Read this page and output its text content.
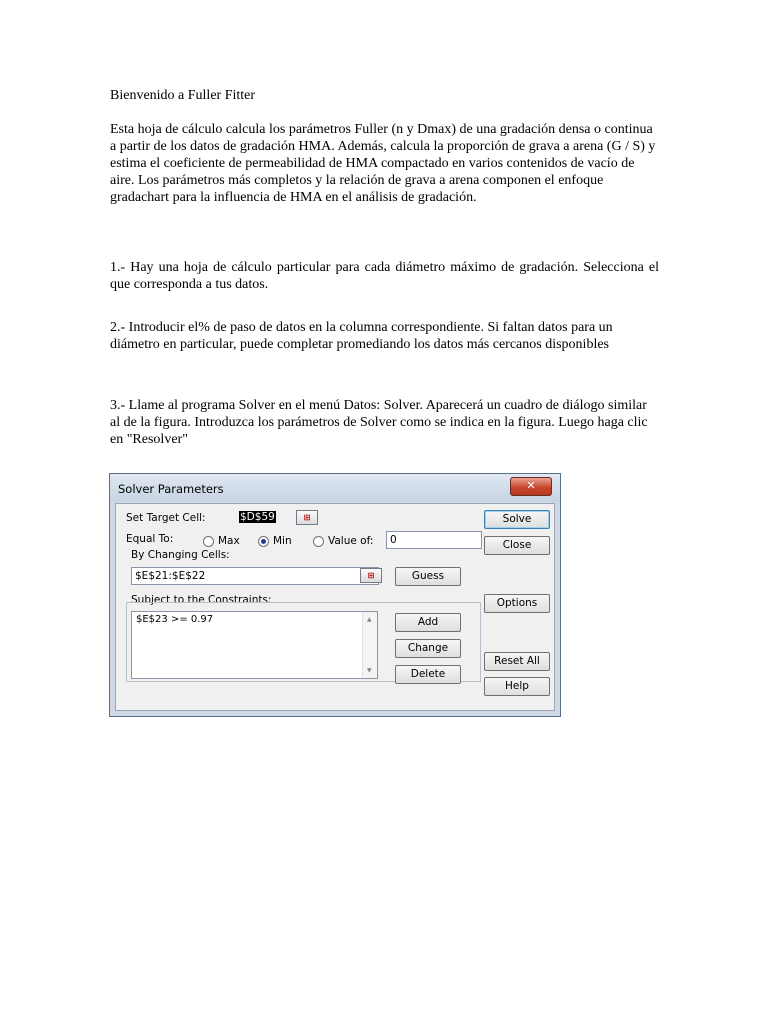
Bienvenido a Fuller Fitter

Esta hoja de cálculo calcula los parámetros Fuller (n y Dmax) de una gradación densa o continua a partir de los datos de gradación HMA. Además, calcula la proporción de grava a arena (G / S) y estima el coeficiente de permeabilidad de HMA compactado en varios contenidos de vacío de aire. Los parámetros más completos y la relación de grava a arena componen el enfoque gradachart para la influencia de HMA en el análisis de gradación.

1.- Hay una hoja de cálculo particular para cada diámetro máximo de gradación. Selecciona el que corresponda a tus datos.

2.- Introducir el% de paso de datos en la columna correspondiente. Si faltan datos para un diámetro en particular, puede completar promediando los datos más cercanos disponibles

3.- Llame al programa Solver en el menú Datos: Solver. Aparecerá un cuadro de diálogo similar al de la figura. Introduzca los parámetros de Solver como se indica en la figura. Luego haga clic en "Resolver"

Solver Parameters	✕
Set Target Cell:	$D$59	⊞
Equal To:	Max	Min	Value of:	0
By Changing Cells:
$E$21:$E$22	⊞	Guess
Subject to the Constraints:
$E$23 >= 0.97	▲
▼
Add
Change
Delete
Solve
Close
Options
Reset All
Help
